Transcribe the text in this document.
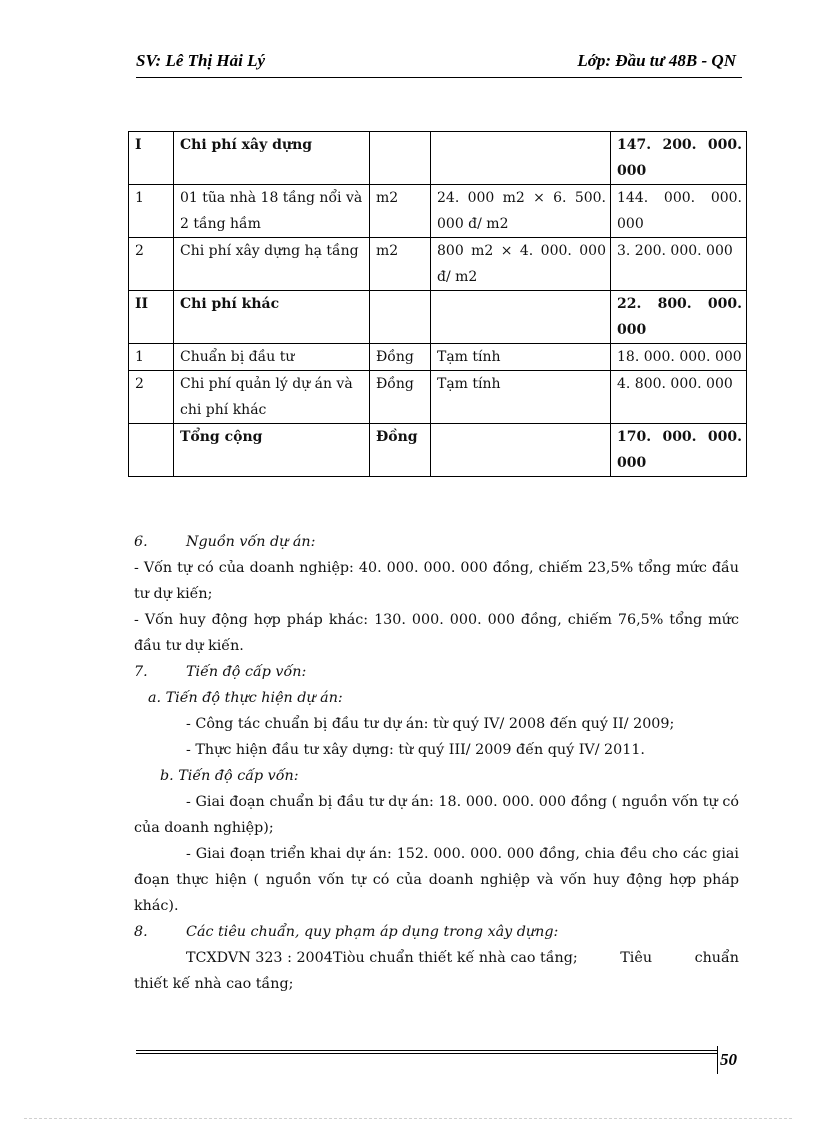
SV: Lê Thị Hải Lý	Lớp: Đầu tư 48B - QN
I	Chi phí xây dựng			147. 200. 000. 000
1	01 tũa nhà 18 tầng nổi và 2 tầng hầm	m2	24. 000 m2 × 6. 500. 000 đ/ m2	144. 000. 000. 000
2	Chi phí xây dựng hạ tầng	m2	800 m2 × 4. 000. 000 đ/ m2	3. 200. 000. 000
II	Chi phí khác			22. 800. 000. 000
1	Chuẩn bị đầu tư	Đồng	Tạm tính	18. 000. 000. 000
2	Chi phí quản lý dự án và chi phí khác	Đồng	Tạm tính	4. 800. 000. 000
	Tổng cộng	Đồng		170. 000. 000. 000
6.	Nguồn vốn dự án:

- Vốn tự có của doanh nghiệp: 40. 000. 000. 000 đồng, chiếm 23,5% tổng mức đầu tư dự kiến;

- Vốn huy động hợp pháp khác: 130. 000. 000. 000 đồng, chiếm 76,5% tổng mức đầu tư dự kiến.

7.	Tiến độ cấp vốn:
a. Tiến độ thực hiện dự án:

- Công tác chuẩn bị đầu tư dự án: từ quý IV/ 2008 đến quý II/ 2009;

- Thực hiện đầu tư xây dựng: từ quý III/ 2009 đến quý IV/ 2011.

b. Tiến độ cấp vốn:

- Giai đoạn chuẩn bị đầu tư dự án: 18. 000. 000. 000 đồng ( nguồn vốn tự có của doanh nghiệp);

- Giai đoạn triển khai dự án: 152. 000. 000. 000 đồng, chia đều cho các giai đoạn thực hiện ( nguồn vốn tự có của doanh nghiệp và vốn huy động hợp pháp khác).

8.	Các tiêu chuẩn, quy phạm áp dụng trong xây dựng:
TCXDVN 323 : 2004Tiòu chuẩn thiết kế nhà cao tầng;	Tiêu	chuẩn

thiết kế nhà cao tầng;

50
